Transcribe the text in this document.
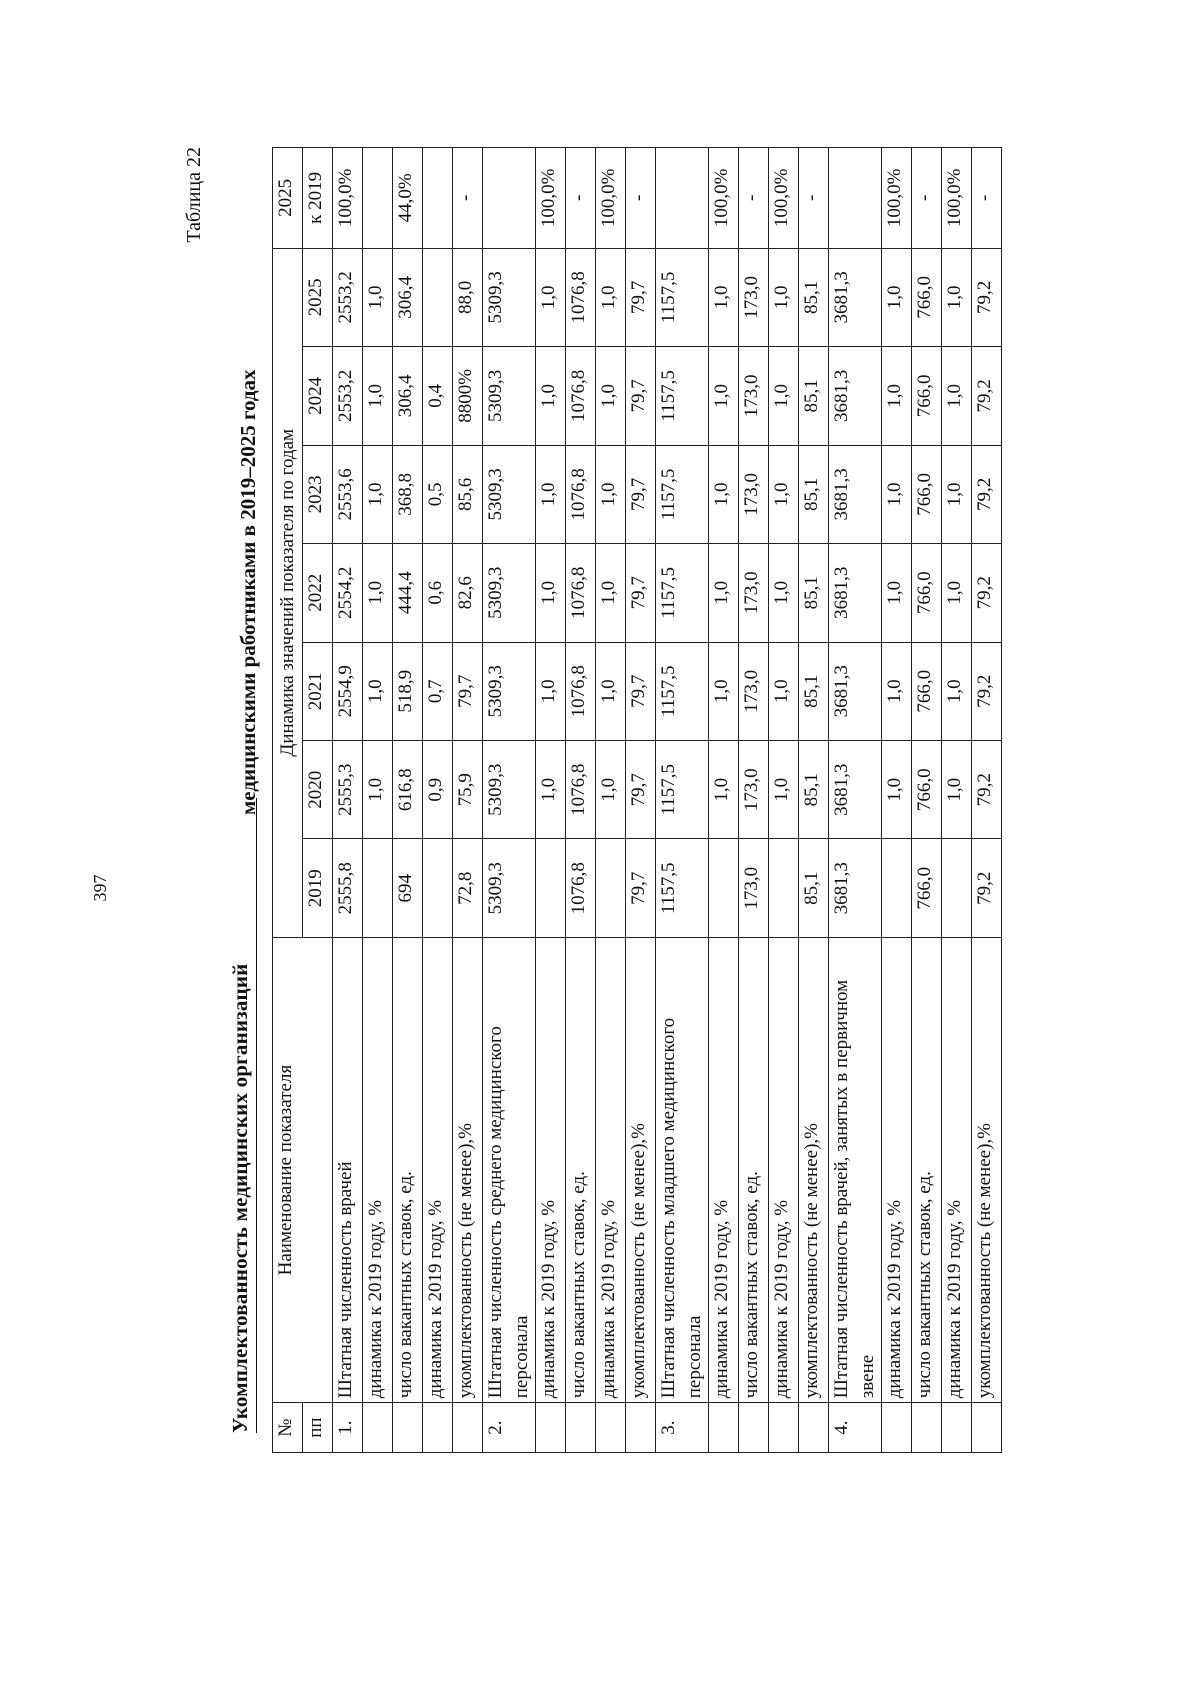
397
Таблица 22
Укомплектованность медицинских организаций
медицинскими работниками в 2019–2025 годах
№	Наименование показателя	Динамика значений показателя по годам							2025
пп		2019	2020	2021	2022	2023	2024	2025	к 2019
1.	Штатная численность врачей	2555,8	2555,3	2554,9	2554,2	2553,6	2553,2	2553,2	100,0%
	динамика к 2019 году, %		1,0	1,0	1,0	1,0	1,0	1,0	
	число вакантных ставок, ед.	694	616,8	518,9	444,4	368,8	306,4	306,4	44,0%
	динамика к 2019 году, %		0,9	0,7	0,6	0,5	0,4		
	укомплектованность (не менее),%	72,8	75,9	79,7	82,6	85,6	8800%	88,0	-
2.	Штатная численность среднего медицинского персонала	5309,3	5309,3	5309,3	5309,3	5309,3	5309,3	5309,3	
	динамика к 2019 году, %		1,0	1,0	1,0	1,0	1,0	1,0	100,0%
	число вакантных ставок, ед.	1076,8	1076,8	1076,8	1076,8	1076,8	1076,8	1076,8	-
	динамика к 2019 году, %		1,0	1,0	1,0	1,0	1,0	1,0	100,0%
	укомплектованность (не менее),%	79,7	79,7	79,7	79,7	79,7	79,7	79,7	-
3.	Штатная численность младшего медицинского персонала	1157,5	1157,5	1157,5	1157,5	1157,5	1157,5	1157,5	
	динамика к 2019 году, %		1,0	1,0	1,0	1,0	1,0	1,0	100,0%
	число вакантных ставок, ед.	173,0	173,0	173,0	173,0	173,0	173,0	173,0	-
	динамика к 2019 году, %		1,0	1,0	1,0	1,0	1,0	1,0	100,0%
	укомплектованность (не менее),%	85,1	85,1	85,1	85,1	85,1	85,1	85,1	-
4.	Штатная численность врачей, занятых в первичном звене	3681,3	3681,3	3681,3	3681,3	3681,3	3681,3	3681,3	
	динамика к 2019 году, %		1,0	1,0	1,0	1,0	1,0	1,0	100,0%
	число вакантных ставок, ед.	766,0	766,0	766,0	766,0	766,0	766,0	766,0	-
	динамика к 2019 году, %		1,0	1,0	1,0	1,0	1,0	1,0	100,0%
	укомплектованность (не менее),%	79,2	79,2	79,2	79,2	79,2	79,2	79,2	-
